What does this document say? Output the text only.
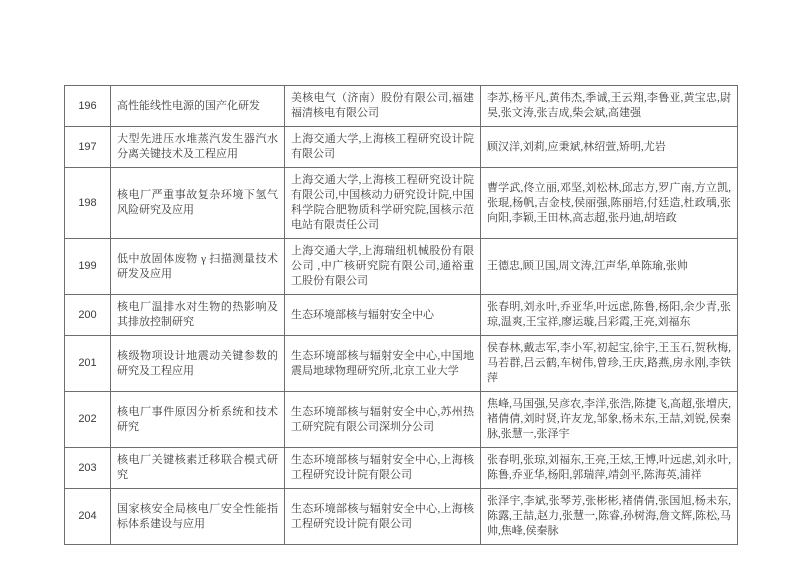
196	高性能线性电源的国产化研发	美核电气（济南）股份有限公司,福建福清核电有限公司	李苏,杨平凡,黄伟杰,季诚,王云翔,李鲁亚,黄宝忠,尉昊,张文涛,张吉成,柴会斌,高建强
197	大型先进压水堆蒸汽发生器汽水分离关键技术及工程应用	上海交通大学,上海核工程研究设计院有限公司	顾汉洋,刘莉,应秉斌,林绍萱,矫明,尤岩
198	核电厂严重事故复杂环境下氢气风险研究及应用	上海交通大学,上海核工程研究设计院有限公司,中国核动力研究设计院,中国科学院合肥物质科学研究院,国核示范电站有限责任公司	曹学武,佟立丽,邓坚,刘松林,邱志方,罗广南,方立凯,张琨,杨帆,吉金枝,侯丽强,陈丽培,付廷造,杜政瑀,张向阳,李颖,王田林,高志超,张丹迪,胡培政
199	低中放固体废物 γ 扫描测量技术研发及应用	上海交通大学,上海瑞纽机械股份有限公司 ,中广核研究院有限公司,通裕重工股份有限公司	王德忠,顾卫国,周文涛,江声华,单陈瑜,张帅
200	核电厂温排水对生物的热影响及其排放控制研究	生态环境部核与辐射安全中心	张春明,刘永叶,乔亚华,叶远虑,陈鲁,杨阳,余少青,张琼,温爽,王宝祥,廖运璇,吕彩霞,王亮,刘福东
201	核级物项设计地震动关键参数的研究及工程应用	生态环境部核与辐射安全中心,中国地震局地球物理研究所,北京工业大学	侯春林,戴志军,李小军,初起宝,徐宇,王玉石,贺秋梅,马若群,吕云鹤,车树伟,曾珍,王庆,路燕,房永刚,李铁萍
202	核电厂事件原因分析系统和技术研究	生态环境部核与辐射安全中心,苏州热工研究院有限公司深圳分公司	焦峰,马国强,吴彦农,李洋,张浩,陈捷飞,高超,张增庆,褚倩倩,刘时贤,许友龙,邹象,杨未东,王喆,刘锐,侯秦脉,张慧一,张泽宇
203	核电厂关键核素迁移联合模式研究	生态环境部核与辐射安全中心,上海核工程研究设计院有限公司	张春明,张琼,刘福东,王亮,王炫,王博,叶远虑,刘永叶,陈鲁,乔亚华,杨阳,郭瑞萍,靖剑平,陈海英,浦祥
204	国家核安全局核电厂安全性能指标体系建设与应用	生态环境部核与辐射安全中心,上海核工程研究设计院有限公司	张泽宇,李斌,张琴芳,张彬彬,褚倩倩,张国旭,杨未东,陈露,王喆,赵力,张慧一,陈睿,孙树海,詹文辉,陈松,马帅,焦峰,侯秦脉
